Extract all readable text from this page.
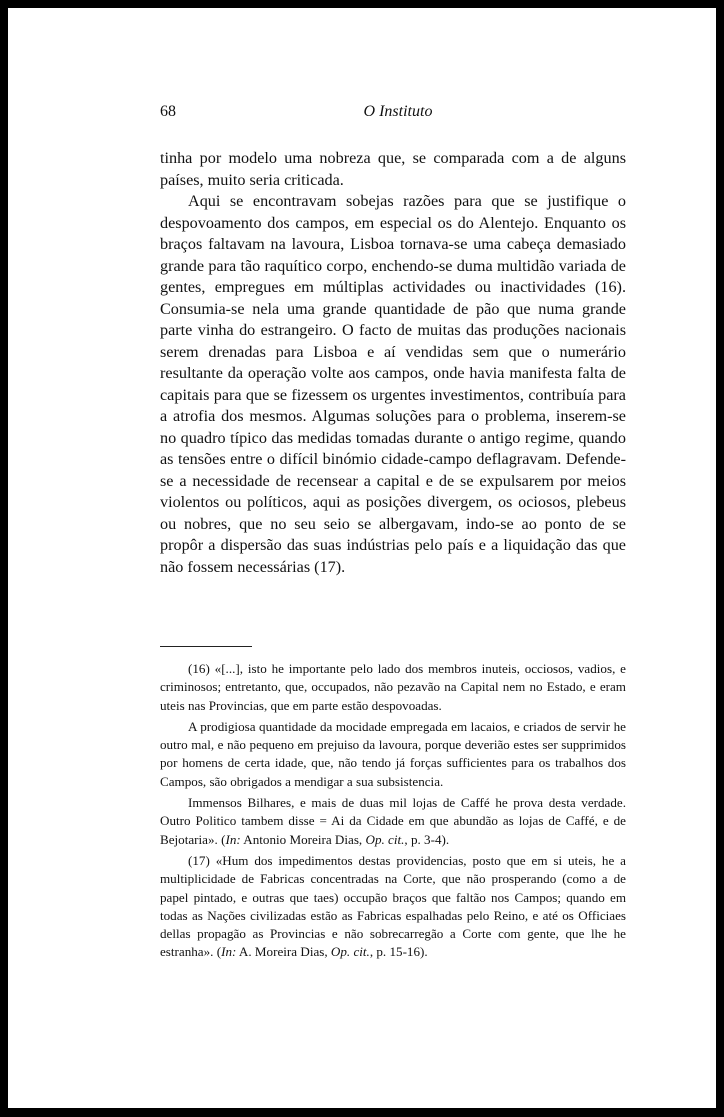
68	O Instituto

tinha por modelo uma nobreza que, se comparada com a de alguns países, muito seria criticada.

Aqui se encontravam sobejas razões para que se justifique o despovoamento dos campos, em especial os do Alentejo. Enquanto os braços faltavam na lavoura, Lisboa tornava-se uma cabeça demasiado grande para tão raquítico corpo, enchendo-se duma multidão variada de gentes, empregues em múltiplas actividades ou inactividades (16). Consumia-se nela uma grande quantidade de pão que numa grande parte vinha do estrangeiro. O facto de muitas das produções nacionais serem drenadas para Lisboa e aí vendidas sem que o numerário resultante da operação volte aos campos, onde havia manifesta falta de capitais para que se fizessem os urgentes investimentos, contribuía para a atrofia dos mesmos. Algumas soluções para o problema, inserem-se no quadro típico das medidas tomadas durante o antigo regime, quando as tensões entre o difícil binómio cidade-campo deflagravam. Defende-se a necessidade de recensear a capital e de se expulsarem por meios violentos ou políticos, aqui as posições divergem, os ociosos, plebeus ou nobres, que no seu seio se albergavam, indo-se ao ponto de se propôr a dispersão das suas indústrias pelo país e a liquidação das que não fossem necessárias (17).

(16) «[...], isto he importante pelo lado dos membros inuteis, occiosos, vadios, e criminosos; entretanto, que, occupados, não pezavão na Capital nem no Estado, e eram uteis nas Provincias, que em parte estão despovoadas.

A prodigiosa quantidade da mocidade empregada em lacaios, e criados de servir he outro mal, e não pequeno em prejuiso da lavoura, porque deverião estes ser supprimidos por homens de certa idade, que, não tendo já forças sufficientes para os trabalhos dos Campos, são obrigados a mendigar a sua subsistencia.

Immensos Bilhares, e mais de duas mil lojas de Caffé he prova desta verdade. Outro Politico tambem disse = Ai da Cidade em que abundão as lojas de Caffé, e de Bejotaria». (In: Antonio Moreira Dias, Op. cit., p. 3-4).

(17) «Hum dos impedimentos destas providencias, posto que em si uteis, he a multiplicidade de Fabricas concentradas na Corte, que não prosperando (como a de papel pintado, e outras que taes) occupão braços que faltão nos Campos; quando em todas as Nações civilizadas estão as Fabricas espalhadas pelo Reino, e até os Officiaes dellas propagão as Provincias e não sobrecarregão a Corte com gente, que lhe he estranha». (In: A. Moreira Dias, Op. cit., p. 15-16).
